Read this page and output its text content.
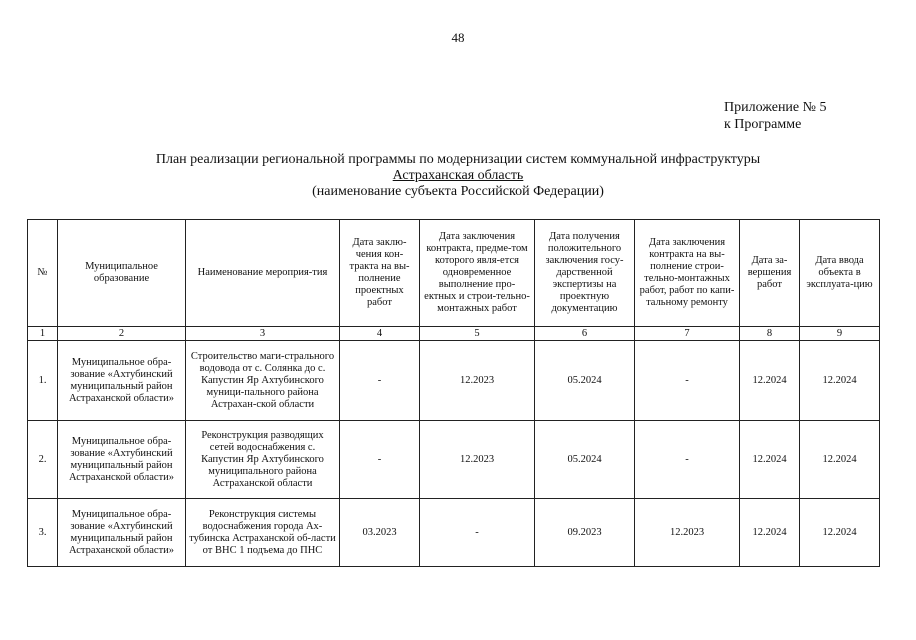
48
Приложение № 5
к Программе
План реализации региональной программы по модернизации систем коммунальной инфраструктуры
Астраханская область
(наименование субъекта Российской Федерации)
№	Муниципальное образование	Наименование мероприя-тия	Дата заклю-чения кон-тракта на вы-полнение проектных работ	Дата заключения контракта, предме-том которого явля-ется одновременное выполнение про-ектных и строи-тельно-монтажных работ	Дата получения положительного заключения госу-дарственной экспертизы на проектную документацию	Дата заключения контракта на вы-полнение строи-тельно-монтажных работ, работ по капи-тальному ремонту	Дата за-вершения работ	Дата ввода объекта в эксплуата-цию
1	2	3	4	5	6	7	8	9
1.	Муниципальное обра-зование «Ахтубинский муниципальный район Астраханской области»	Строительство маги-стрального водовода от с. Солянка до с. Капустин Яр Ахтубинского муници-пального района Астрахан-ской области	-	12.2023	05.2024	-	12.2024	12.2024
2.	Муниципальное обра-зование «Ахтубинский муниципальный район Астраханской области»	Реконструкция разводящих сетей водоснабжения с. Капустин Яр Ахтубинского муниципального района Астраханской области	-	12.2023	05.2024	-	12.2024	12.2024
3.	Муниципальное обра-зование «Ахтубинский муниципальный район Астраханской области»	Реконструкция системы водоснабжения города Ах-тубинска Астраханской об-ласти от ВНС 1 подъема до ПНС	03.2023	-	09.2023	12.2023	12.2024	12.2024
